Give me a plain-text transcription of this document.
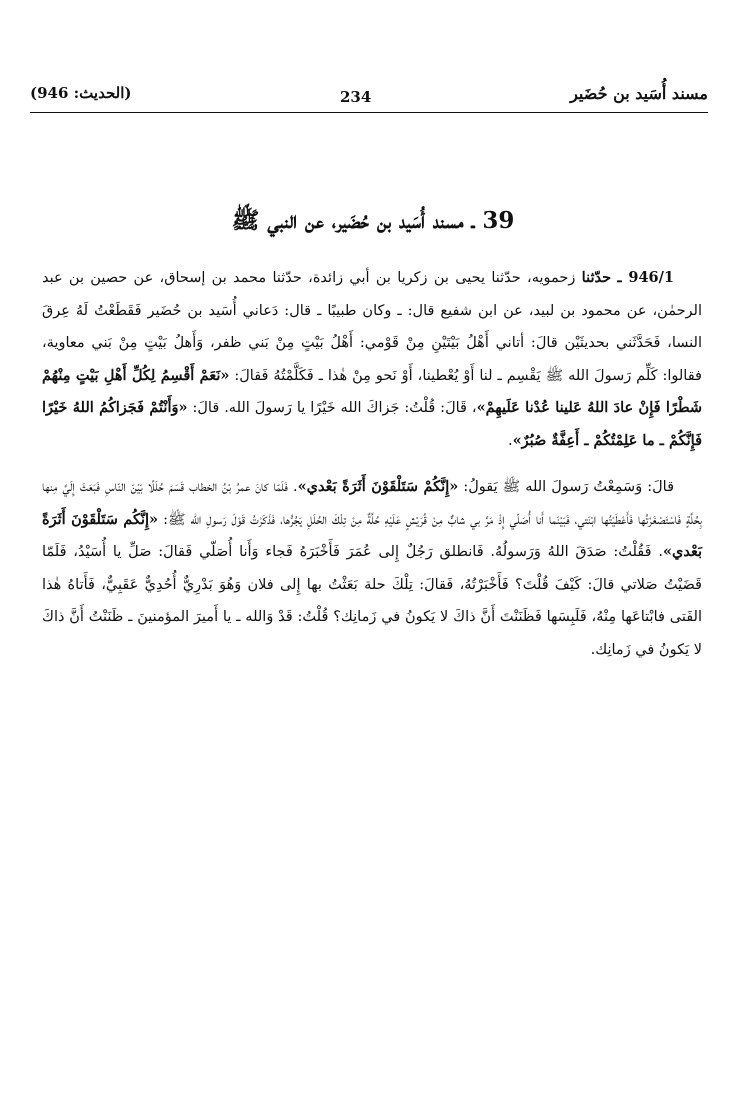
(الحديث: 946)	234	مسند أُسَيد بن حُضَير
39 ـ مسند أُسَيد بن حُضَير، عن النبي ﷺ

946/1 ـ حدّثنا زحمويه، حدّثنا يحيى بن زكريا بن أبي زائدة، حدّثنا محمد بن إسحاق، عن حصين بن عبد الرحمٰن، عن محمود بن لبيد، عن ابن شفيع قال: ـ وكان طبيبًا ـ قال: دَعاني أُسَيد بن حُضَير فَقَطَعْتُ لَهُ عِرقَ النسا، فَحَدَّثَني بحديثَيْن قالَ: أتاني أَهْلُ بَيْتَيْنِ مِنْ قَوْمي: أَهْلُ بَيْتٍ مِنْ بَني ظفر، وَأَهلُ بَيْتٍ مِنْ بَني معاوية، فقالوا: كَلِّم رَسولَ الله ﷺ يَقْسِم ـ لنا أَوْ يُعْطينا، أَوْ نَحو مِنْ هٰذا ـ فَكَلَّمْتُهُ فَقالَ: «نَعَمْ أَقْسِمُ لِكُلِّ أَهْلِ بَيْتٍ مِنْهُمْ شَطْرًا فَإِنْ عادَ اللهُ عَلينا عُدْنا عَلَيهِمْ»، قَالَ: قُلْتُ: جَزاكَ الله خَيْرًا يا رَسولَ الله. قالَ: «وَأَنْتُمْ فَجَزاكُمُ اللهُ خَيْرًا فَإِنَّكُمْ ـ ما عَلِمْتُكُمْ ـ أَعِفَّةٌ صُبُرٌ».

قالَ: وَسَمِعْتُ رَسولَ الله ﷺ يَقولُ: «إِنَّكُمْ سَتَلْقَوْنَ أَثَرَةً بَعْدي». فَلَمّا كانَ عمرُ بْنُ الخطاب قَسَمَ حُلَلًا بَيْنَ النّاسِ فَبَعَثَ إِلَيَّ مِنها بِحُلَّةٍ فَاسْتَصْغَرْتُها فَأَعْطَيْتُها ابْنَتي، فَبَيْنَما أَنا أُصَلّي إِذْ مَرَّ بي شابٌّ مِنْ قُرَيْشٍ عَلَيْهِ حُلَّةٌ مِنْ تِلْكَ الحُلَلِ يَجُرُّها، فَذَكَرْتُ قَوْلَ رَسولِ الله ﷺ: «إِنَّكُم سَتَلْقَوْنَ أَثَرَةً بَعْدي». فَقُلْتُ: صَدَقَ اللهُ وَرَسولُهُ. فَانطلق رَجُلٌ إِلى عُمَرَ فَأَخْبَرَهُ فَجاء وَأَنا أُصَلّي فَقالَ: صَلِّ يا أُسَيْدُ، فَلَمّا قَضَيْتُ صَلاتي قالَ: كَيْفَ قُلْتَ؟ فَأَخْبَرْتُهُ، فَقالَ: تِلْكَ حلة بَعَثْتُ بها إِلى فلان وَهُوَ بَدْرِيٌّ أُحُدِيٌّ عَقَبِيٌّ، فَأَتاهُ هٰذا الفَتى فابْتاعَها مِنْهُ، فَلَبِسَها فَظَنَنْتَ أَنَّ ذاكَ لا يَكونُ في زَمانِك؟ قُلْتُ: قَدْ وَالله ـ يا أَميرَ المؤمنينَ ـ ظَنَنْتُ أَنَّ ذاكَ لا يَكونُ في زَمانِك.
